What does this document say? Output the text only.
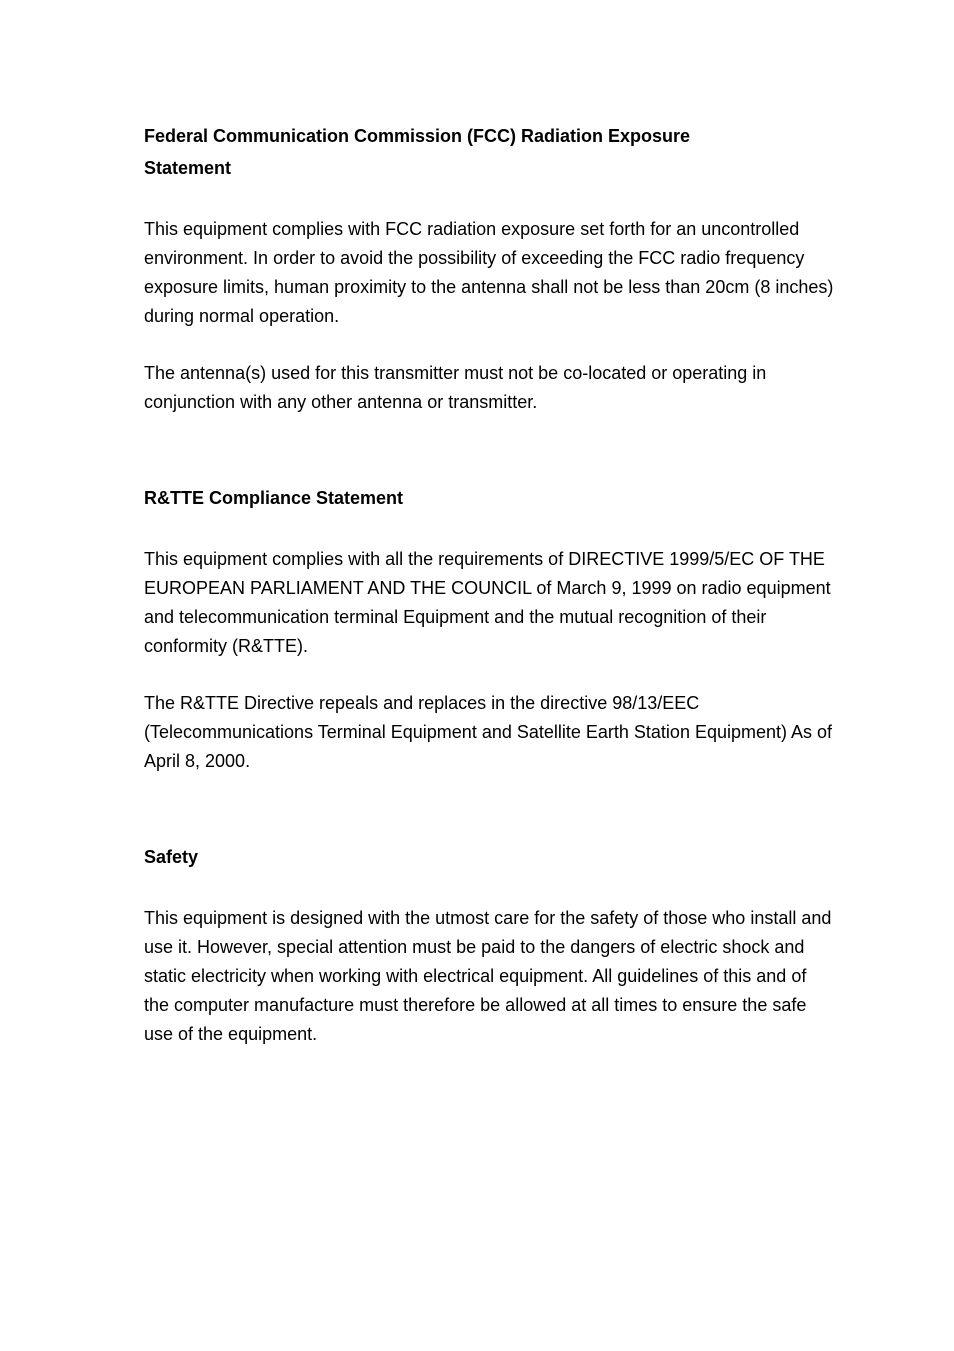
Federal Communication Commission (FCC) Radiation Exposure

Statement

This equipment complies with FCC radiation exposure set forth for an uncontrolled environment. In order to avoid the possibility of exceeding the FCC radio frequency exposure limits, human proximity to the antenna shall not be less than 20cm (8 inches) during normal operation.

The antenna(s) used for this transmitter must not be co-located or operating in conjunction with any other antenna or transmitter.

R&TTE Compliance Statement

This equipment complies with all the requirements of DIRECTIVE 1999/5/EC OF THE EUROPEAN PARLIAMENT AND THE COUNCIL of March 9, 1999 on radio equipment and telecommunication terminal Equipment and the mutual recognition of their conformity (R&TTE).

The R&TTE Directive repeals and replaces in the directive 98/13/EEC (Telecommunications Terminal Equipment and Satellite Earth Station Equipment) As of April 8, 2000.

Safety

This equipment is designed with the utmost care for the safety of those who install and use it. However, special attention must be paid to the dangers of electric shock and static electricity when working with electrical equipment. All guidelines of this and of the computer manufacture must therefore be allowed at all times to ensure the safe use of the equipment.
